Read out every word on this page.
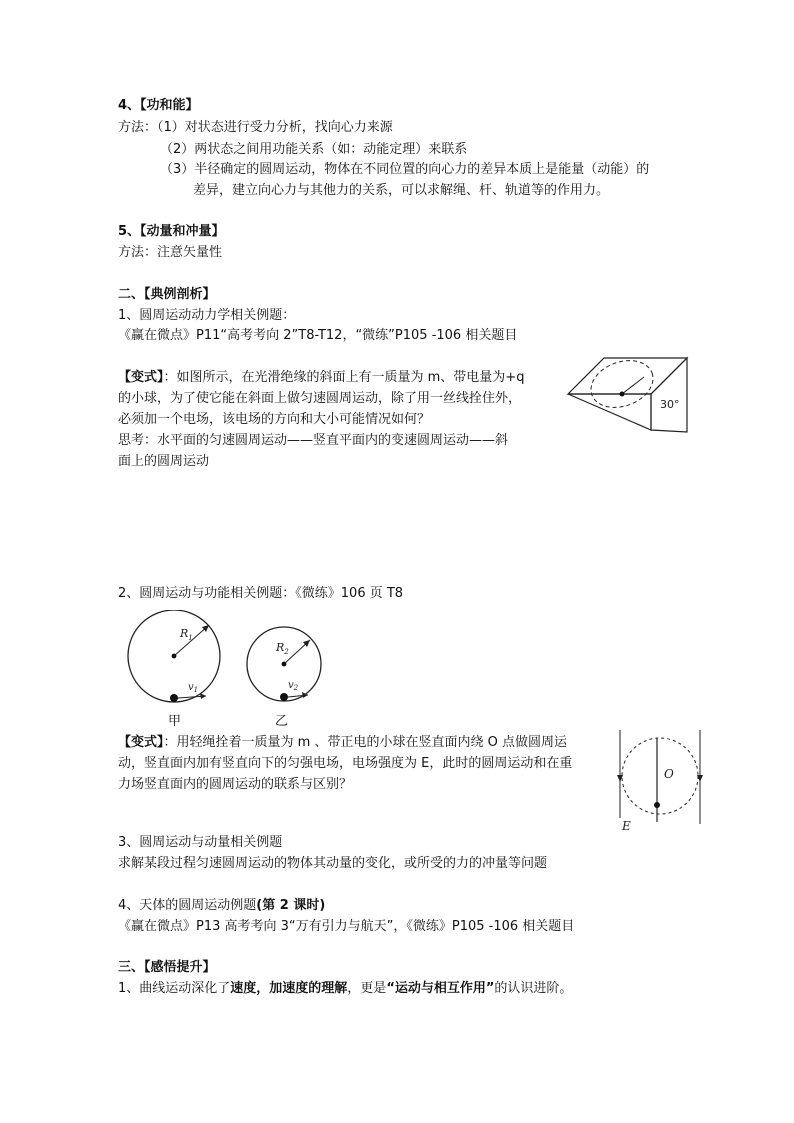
4、【功和能】
方法：（1）对状态进行受力分析，找向心力来源
（2）两状态之间用功能关系（如：动能定理）来联系
（3）半径确定的圆周运动，物体在不同位置的向心力的差异本质上是能量（动能）的
差异，建立向心力与其他力的关系，可以求解绳、杆、轨道等的作用力。
5、【动量和冲量】
方法：注意矢量性
二、【典例剖析】
1、圆周运动动力学相关例题：
《赢在微点》P11“高考考向 2”T8-T12，“微练”P105 -106 相关题目
【变式】：如图所示，在光滑绝缘的斜面上有一质量为 m、带电量为+q
的小球，为了使它能在斜面上做匀速圆周运动，除了用一丝线拴住外，
必须加一个电场，该电场的方向和大小可能情况如何？
思考：水平面的匀速圆周运动——竖直平面内的变速圆周运动——斜
面上的圆周运动
30°
2、圆周运动与功能相关例题：《微练》106 页 T8
$R_1$
$v_1$
$R_2$
$v_2$
甲	乙
【变式】：用轻绳拴着一质量为 m 、带正电的小球在竖直面内绕 O 点做圆周运
动，竖直面内加有竖直向下的匀强电场，电场强度为 E，此时的圆周运动和在重
力场竖直面内的圆周运动的联系与区别？
O
E
3、圆周运动与动量相关例题
求解某段过程匀速圆周运动的物体其动量的变化，或所受的力的冲量等问题
4、天体的圆周运动例题(第 2 课时)
《赢在微点》P13 高考考向 3“万有引力与航天”，《微练》P105 -106 相关题目
三、【感悟提升】
1、曲线运动深化了速度，加速度的理解，更是“运动与相互作用”的认识进阶。
